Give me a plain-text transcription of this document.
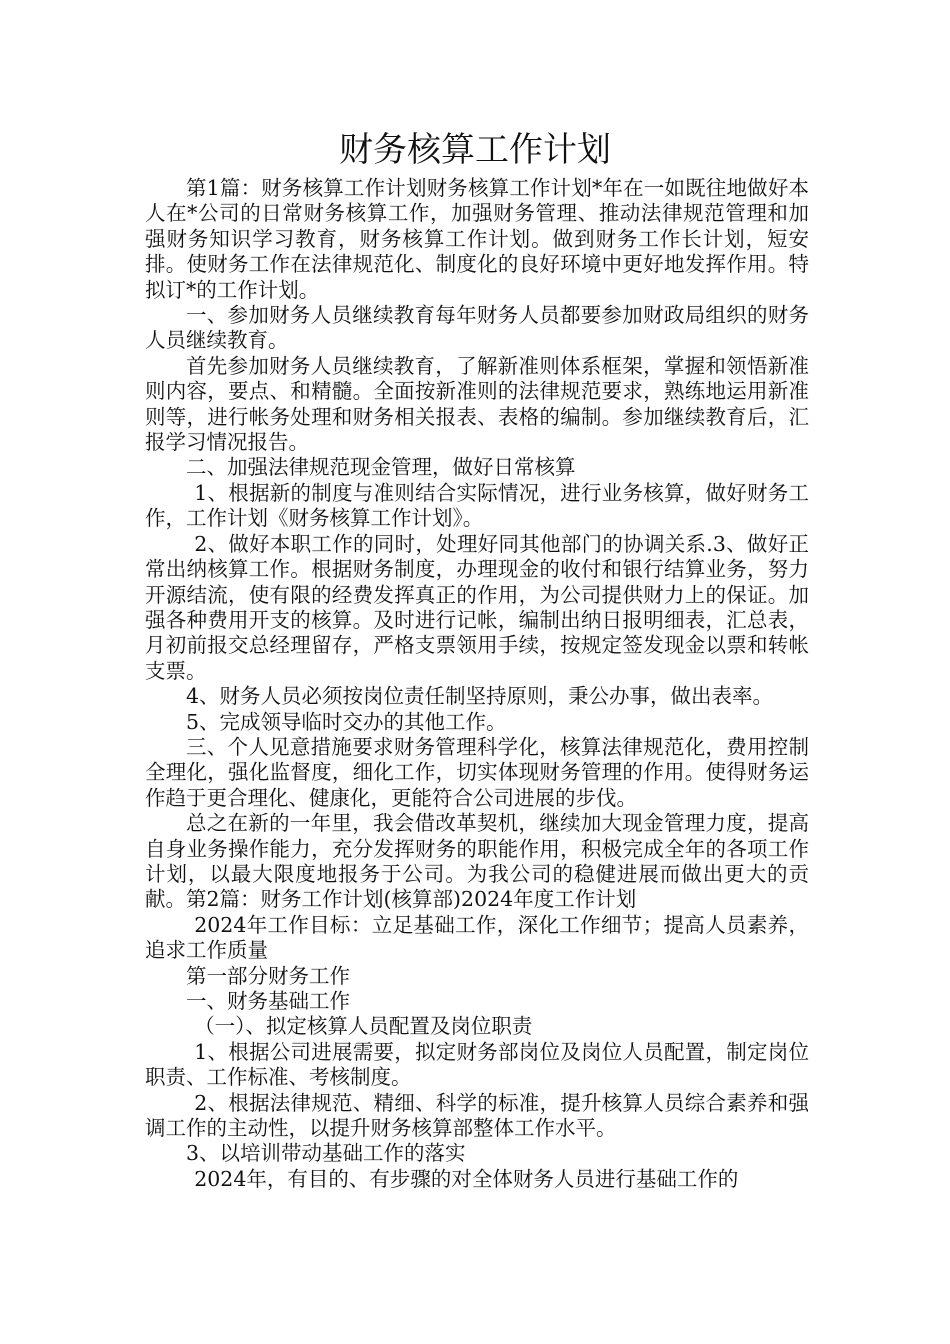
财务核算工作计划

第1篇：财务核算工作计划财务核算工作计划*年在一如既往地做好本人在*公司的日常财务核算工作，加强财务管理、推动法律规范管理和加强财务知识学习教育，财务核算工作计划。做到财务工作长计划，短安排。使财务工作在法律规范化、制度化的良好环境中更好地发挥作用。特拟订*的工作计划。

一、参加财务人员继续教育每年财务人员都要参加财政局组织的财务人员继续教育。

首先参加财务人员继续教育，了解新准则体系框架，掌握和领悟新准则内容，要点、和精髓。全面按新准则的法律规范要求，熟练地运用新准则等，进行帐务处理和财务相关报表、表格的编制。参加继续教育后，汇报学习情况报告。

二、加强法律规范现金管理，做好日常核算

1、根据新的制度与准则结合实际情况，进行业务核算，做好财务工作，工作计划《财务核算工作计划》。

2、做好本职工作的同时，处理好同其他部门的协调关系.3、做好正常出纳核算工作。根据财务制度，办理现金的收付和银行结算业务，努力开源结流，使有限的经费发挥真正的作用，为公司提供财力上的保证。加强各种费用开支的核算。及时进行记帐，编制出纳日报明细表，汇总表，月初前报交总经理留存，严格支票领用手续，按规定签发现金以票和转帐支票。

4、财务人员必须按岗位责任制坚持原则，秉公办事，做出表率。

5、完成领导临时交办的其他工作。

三、个人见意措施要求财务管理科学化，核算法律规范化，费用控制全理化，强化监督度，细化工作，切实体现财务管理的作用。使得财务运作趋于更合理化、健康化，更能符合公司进展的步伐。

总之在新的一年里，我会借改革契机，继续加大现金管理力度，提高自身业务操作能力，充分发挥财务的职能作用，积极完成全年的各项工作计划，以最大限度地报务于公司。为我公司的稳健进展而做出更大的贡献。第2篇：财务工作计划(核算部)2024年度工作计划

2024年工作目标：立足基础工作，深化工作细节；提高人员素养，追求工作质量

第一部分财务工作

一、财务基础工作

（一）、拟定核算人员配置及岗位职责

1、根据公司进展需要，拟定财务部岗位及岗位人员配置，制定岗位职责、工作标准、考核制度。

2、根据法律规范、精细、科学的标准，提升核算人员综合素养和强调工作的主动性，以提升财务核算部整体工作水平。

3、以培训带动基础工作的落实

2024年，有目的、有步骤的对全体财务人员进行基础工作的
